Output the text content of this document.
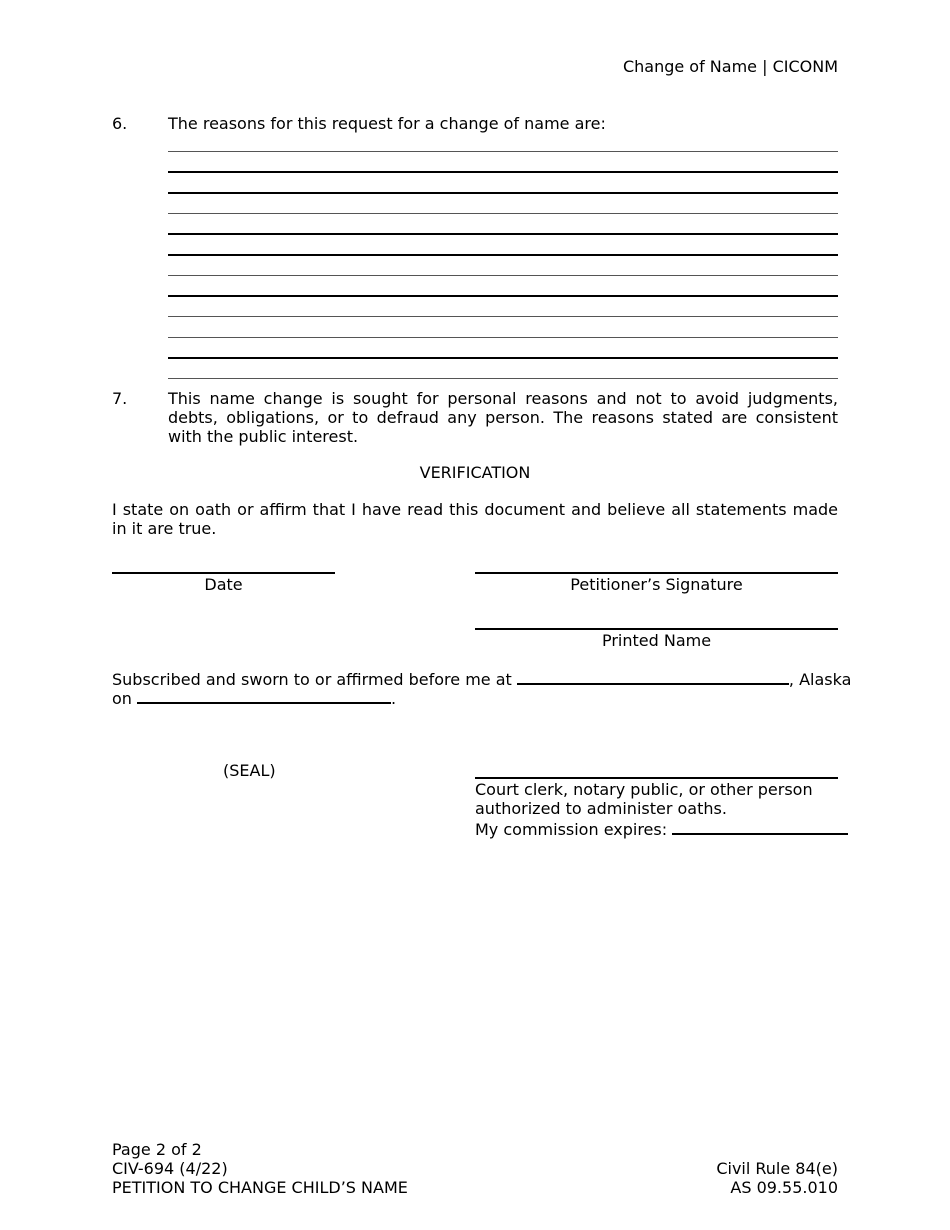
Change of Name | CICONM
6.	The reasons for this request for a change of name are:
7.	This name change is sought for personal reasons and not to avoid judgments, debts, obligations, or to defraud any person. The reasons stated are consistent with the public interest.
VERIFICATION
I state on oath or affirm that I have read this document and believe all statements made in it are true.
Date	Petitioner’s Signature
Printed Name
Subscribed and sworn to or affirmed before me at	, Alaska
on	.
(SEAL)
Court clerk, notary public, or other person
authorized to administer oaths.
My commission expires:
Page 2 of 2
CIV-694 (4/22)
PETITION TO CHANGE CHILD’S NAME
Civil Rule 84(e)
AS 09.55.010
